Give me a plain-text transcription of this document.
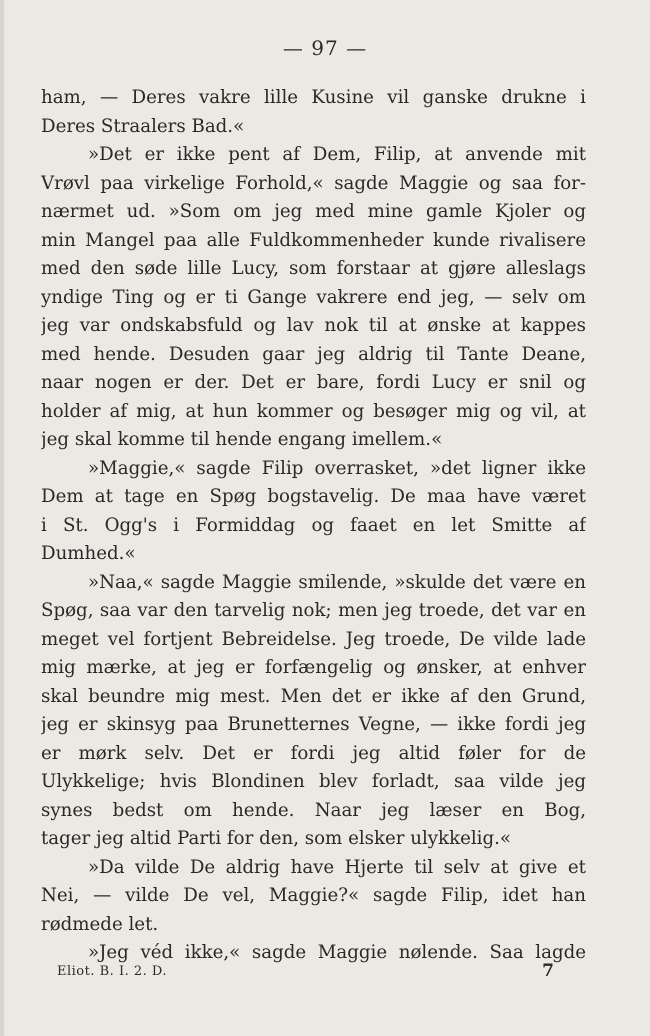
— 97 —
ham, — Deres vakre lille Kusine vil ganske drukne i
Deres Straalers Bad.«
»Det er ikke pent af Dem, Filip, at anvende mit
Vrøvl paa virkelige Forhold,« sagde Maggie og saa for-
nærmet ud. »Som om jeg med mine gamle Kjoler og
min Mangel paa alle Fuldkommenheder kunde rivalisere
med den søde lille Lucy, som forstaar at gjøre alleslags
yndige Ting og er ti Gange vakrere end jeg, — selv om
jeg var ondskabsfuld og lav nok til at ønske at kappes
med hende. Desuden gaar jeg aldrig til Tante Deane,
naar nogen er der. Det er bare, fordi Lucy er snil og
holder af mig, at hun kommer og besøger mig og vil, at
jeg skal komme til hende engang imellem.«
»Maggie,« sagde Filip overrasket, »det ligner ikke
Dem at tage en Spøg bogstavelig. De maa have været
i St. Ogg's i Formiddag og faaet en let Smitte af
Dumhed.«
»Naa,« sagde Maggie smilende, »skulde det være en
Spøg, saa var den tarvelig nok; men jeg troede, det var en
meget vel fortjent Bebreidelse. Jeg troede, De vilde lade
mig mærke, at jeg er forfængelig og ønsker, at enhver
skal beundre mig mest. Men det er ikke af den Grund,
jeg er skinsyg paa Brunetternes Vegne, — ikke fordi jeg
er mørk selv. Det er fordi jeg altid føler for de
Ulykkelige; hvis Blondinen blev forladt, saa vilde jeg
synes bedst om hende. Naar jeg læser en Bog,
tager jeg altid Parti for den, som elsker ulykkelig.«
»Da vilde De aldrig have Hjerte til selv at give et
Nei, — vilde De vel, Maggie?« sagde Filip, idet han
rødmede let.
»Jeg véd ikke,« sagde Maggie nølende. Saa lagde
Eliot. B. I. 2. D.	7
